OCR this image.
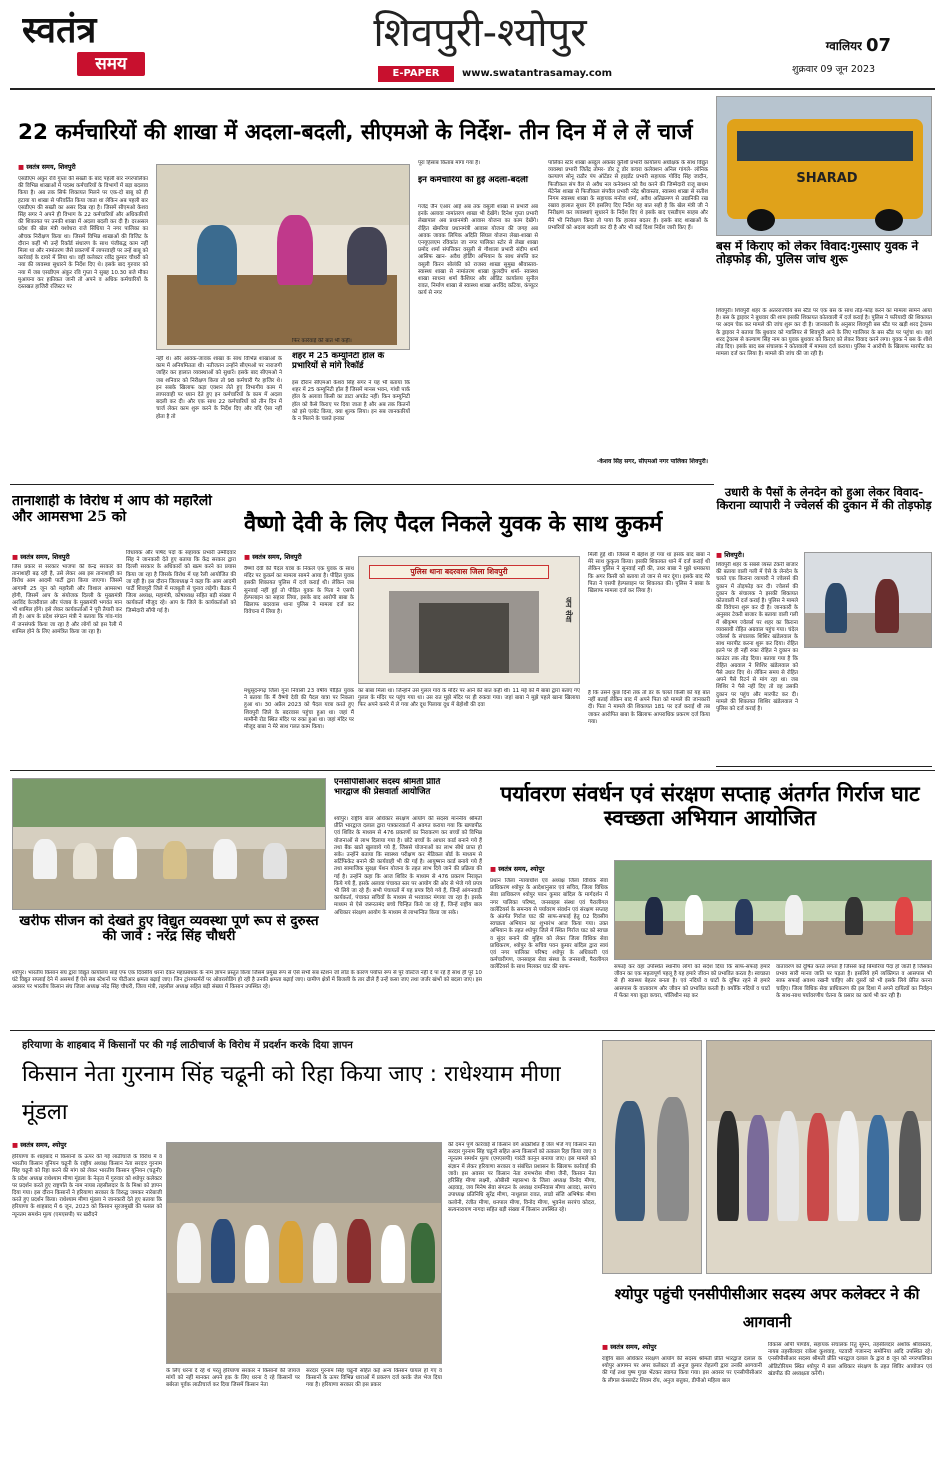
स्वतंत्र
समय
शिवपुरी-श्योपुर
E-PAPER	www.swatantrasamay.com
ग्वालियर 07
शुक्रवार 09 जून 2023
22 कर्मचारियों की शाखा में अदला-बदली, सीएमओ के निर्देश- तीन दिन में ले लें चार्ज
■ स्वतंत्र समय, शिवपुरी
एसडीएम अंकुर रवि गुप्ता की सख्ती के बाद पहली बार नगरपालिका की विभिन्न शाखाओं में पदस्थ कर्मचारियों के विभागों में बड़ा बदलाव किया है। अब तक सिर्फ शिकायत मिलने पर एक-दो बाबू को ही हटाया या शाखा से परिवर्तित किया जाता था लेकिन अब पहली बार एसडीएम की सख्ती का असर दिख रहा है। जिसमें सीएमओ केशव सिंह सगर ने अपने ही विभाग के 22 कर्मचारियों और अधिकारियों की शिकायत पर उनकी शाखा में अदला बदली कर दी है। दरअसल प्रदेश की खेल मंत्री यशोधरा राजे सिंधिया ने नगर पालिका का औचक निरीक्षण किया था। जिसमें विभिन्न शाखाओं की विजिट के दौरान कहीं भी उन्हें रिकॉर्ड संधारण के साथ पंजीबद्ध काम नहीं मिला था और नामांतरण जैसे प्रकरणों में लापरवाही पर उन्हें बाबू को कार्रवाई के दायरे में लिया था। वहीं कलेक्टर रवींद्र कुमार चौधरी को नया की व्यवस्था सुधारने के निर्देश दिए थे। इसके बाद गुरुवार को नया में जब एसडीएम अंकुर रवि गुप्ता ने सुबह 10.30 बजे मौका मुआयना कर हकीकत जानी तो अपने व अधिक कर्मचारियों के दस्तखत हाजिरी रजिस्टर पर
नहीं थे। और आवक-जावक शाखा के साथ विभिन्न शाखाओं के काम में अनियमितता थी। नतीजतन उन्होंने सीएमओ पर नाराजगी जाहिर कर हालात व्यवस्थाओं को सुधारें। इसके बाद सीएमओ ने जब शनिवार को निरीक्षण किया तो 98 कर्मचारी गैर हाजिर थे। इन सबके खिलाफ कड़ा एक्शन लेते हुए विभागीय काम में लापरवाही पर ध्यान देते हुए इन कर्मचारियों के काम में अदला बदली कर दी। और एक साथ 22 कर्मचारियों को तीन दिन में चार्ज लेकर काम शुरू करने के निर्देश दिए और यदि ऐसा नहीं होता है तो
फिर कार्रवाई की बात भी कही।
शहर में 25 कम्युनिटी हॉल के प्रभारियों से मांगे रिकॉर्ड
इस दौरान सीएमओ केशव सिंह सगर ने यह भी बताया कि शहर में 25 कम्युनिटी हॉल हैं जिसमें मानस भवन, गांधी पार्क हॉल के अलावा किसी का डाटा अपडेट नहीं। किन कम्युनिटी हॉल को कैसे किराए पर दिया जाता है और अब तक कितनों को इसे एलॉट किया, क्या शुल्क लिया। इन सब जानकारियों के न मिलने के चलते इनका
पूरा हिसाब किताब मांगा गया है।
इन कर्मचारियों की हुई अदला-बदली
गजेंद्र जैन एआर आई अब तक वसूली शाखा से प्रभारी अब इनके अलावा नामांतरण शाखा भी देखेंगे। दिनेश गुप्ता प्रभारी लेखापाल अब प्रधानमंत्री आवास योजना का काम देखेंगे। रोहित खेमरिया प्रधानमंत्री आवास योजना की जगह अब आवक जावक लिपिक अदिति सिंघल योजना लेखा-शाखा से एनयूएलएम रविकांत जा नगर पालिका स्टोर से लेखा शाखा प्रमोद शर्मा संपत्तिकर वसूली से गौशाला प्रभारी संदीप शर्मा आसिफ खान- अवैध होर्डिंग अभियान के साथ संपत्ति कर वसूली किरन सोलंकी को राजस्व शाखा सुमुख श्रीवास्तव- स्वास्थ्य शाखा से नामांतरण शाखा कुलदीप शर्मा- स्वास्थ्य शाखा साधना शर्मा कैशियर और ऑडिट कार्यालय सुनील रावत, निर्माण शाखा से स्वास्थ्य शाखा अरविंद कटिया, कंप्यूटर कार्य से नगर
पालिका स्टोर शाखा अब्दुल अकबर कुरैशी प्रभारी कार्यालय अधीक्षक के साथ विद्युत व्यवस्था प्रभारी जितेंद्र तोमर- डोर टू डोर कचरा कलेक्शन अनिल गांगले- लोनिक कल्याण सोनू राठौर पंप ऑटेंडर से हाइडेंट प्रभारी सहायक गोविंद सिंह जादौन, फिजीकल संप वैल से अवैध नल कनेक्शन को वैध करने की जिम्मेदारी राजू बाथम मेंटेनेंस शाखा से फिजीकल संपवैल प्रभारी नरेंद्र श्रीवास्तव, स्वास्थ्य शाखा से सतीश निगम स्वास्थ्य शाखा के सहायक मनोज शर्मा, अवैध अतिक्रमण से उद्यानिकी रख रखाव हालात सुधार देंगे इसलिए दिए निर्देश यह बात सही है कि खेल मंत्री जी ने निरीक्षण कर व्यवस्थाएं सुधारने के निर्देश दिए थे इसके बाद एसडीएम साहब और मैंने भी निरीक्षण किया तो पाया कि हालात बदतर हैं। इसके बाद शाखाओं के प्रभारियों को अदला बदली कर दी है और भी कई दिशा निर्देश जारी किए हैं।
-केशव सिंह सगर, सीएमओ नगर पालिका शिवपुरी।
SHARAD
बस में किराए को लेकर विवाद:गुस्साए युवक ने तोड़फोड़ की, पुलिस जांच शुरू
शिवपुरी। शिवपुरी शहर के अंतरराज्यीय बस स्टैंड पर एक बस के साथ तोड़-फोड़ करने का मामला सामने आया है। बस के ड्राइवर ने बुधवार की शाम इसकी शिकायत कोतवाली में दर्ज कराई है। पुलिस ने फरियादी की शिकायत पर अदम चेक कर मामले की जांच शुरू कर दी है। जानकारी के अनुसार शिवपुरी बस स्टैंड पर खड़ी शरद ट्रेवल्स के ड्राइवर ने बताया कि बुधवार को ग्वालियर से शिवपुरी आने के लिए ग्वालियर के बस स्टैंड पर पहुंचा था। वहां शरद ट्रेवल्स से कल्याण सिंह नाम का युवक बुधवार को किराए को लेकर विवाद करने लगा। युवक ने बस के शीशे तोड़ दिए। इसके बाद बस संचालक ने कोतवाली में मामला दर्ज कराया। पुलिस ने आरोपी के खिलाफ मारपीट का मामला दर्ज कर लिया है। मामले की जांच की जा रही है।
उधारी के पैसों के लेनदेन को हुआ लेकर विवाद-किराना व्यापारी ने ज्वेलर्स की दुकान में की तोड़फोड़
■ शिवपुरी।
शिवपुरी शहर के सबसे व्यस्त टेकरी बाजार की बताया वाली गली में ऐसे के लेनदेन के चलते एक किराना व्यापारी ने ज्वेलर्स की दुकान में तोड़फोड़ कर दी। ज्वेलर्स की दुकान के संचालक ने इसकी शिकायत कोतवाली में दर्ज कराई है। पुलिस ने मामले की विवेचना शुरू कर दी है। जानकारी के अनुसार टेकरी बाजार के बताया वाली गली में श्रीकृष्ण ज्वेलर्स पर शहर का किराना व्यवसायी रोहित अग्रवाल पहुंच गया। चंदेल ज्वेलर्स के संचालक शिशिर खंडेलवाल के साथ मारपीट करना शुरू कर दिया। रोहित इतने पर ही नहीं रुका रोहित ने दुकान का काउंटर तक तोड़ दिया। बताया गया है कि रोहित अग्रवाल ने शिशिर खंडेलवाल को पैसे उधार दिए थे। लेकिन समय से रोहित अपने पैसे रिटर्न से मांग रहा था। जब शिशिर ने पैसे नहीं दिए तो वह उसकी दुकान पर पहुंच और मारपीट कर दी। मामले की शिकायत शिशिर खंडेलवाल ने पुलिस को दर्ज कराई है।
तानाशाही के विरोध में आप की महारैली और आमसभा 25 को
■ स्वतंत्र समय, शिवपुरी
जिस प्रकार से सरकार भाजपा की केन्द्र सरकार की तानाशाही बढ़ रही है, उसे लेकर अब इस तानाशाही का विरोध आम आदमी पार्टी द्वारा किया जाएगा। जिसमें आगामी 25 जून को महारैली और विशाल आमसभा होगी, जिसमें आप के संयोजक दिल्ली के मुख्यमंत्री अरविंद केजरीवाल और पंजाब के मुख्यमंत्री भगवंत मान भी शामिल होंगे। इसे लेकर कार्यकर्ताओं ने पूरी तैयारी कर ली है। आप के प्रदेश संगठन मंत्री ने बताया कि गांव-गांव में जनसंपर्क किया जा रहा है और लोगों को इस रैली में शामिल होने के लिए आमंत्रित किया जा रहा है।
विधायक और पार्षद पदों के सहायक प्रभारी उम्मीदवार सिंह ने जानकारी देते हुए बताया कि केंद्र सरकार द्वारा दिल्ली सरकार के अधिकारों को खत्म करने का प्रयास किया जा रहा है जिसके विरोध में यह रैली आयोजित की जा रही है। इस दौरान जिलाध्यक्ष ने कहा कि आम आदमी पार्टी शिवपुरी जिले में मजबूती से चुनाव लड़ेगी। बैठक में जिला अध्यक्ष, महामंत्री, कोषाध्यक्ष सहित बड़ी संख्या में कार्यकर्ता मौजूद रहे। आप के जिले के कार्यकर्ताओं को जिम्मेदारी सौंपी गई है।
वैष्णो देवी के लिए पैदल निकले युवक के साथ कुकर्म
■ स्वतंत्र समय, शिवपुरी
वैष्णो देवी की पैदल यात्रा के निकले एक युवक के साथ मंदिर पर कुकर्म का मामला सामने आया है। पीड़ित युवक इसकी शिकायत पुलिस में दर्ज कराई थी। लेकिन जब सुनवाई नहीं हुई तो पीड़ित युवक के पिता ने एसपी हेल्पलाइन का सहारा लिया, इसके बाद आरोपी बाबा के खिलाफ बदरवास थाना पुलिस ने मामला दर्ज कर विवेचना में लिया है।
पुलिस थाना बदरवास जिला शिवपुरी
जन सेवा
मधुसूदनगढ़ जिला गुना निवासी 23 वर्षीय पीड़ित युवक ने बताया कि मैं वैष्णो देवी की पैदल यात्रा पर निकला हुआ था। 30 अप्रैल 2023 को पैदल यात्रा करते हुए शिवपुरी जिले के बदरवास पहुंचा हुआ था। जहां मैं मामौनी रोड स्थित मंदिर पर रुका हुआ था। जहां मंदिर पर मौजूद बाबा ने मेरे साथ गलत काम किया।
का बाबा मिला था। जिन्होंने उसे गुलल गांव के मंदिर पर आने की बात कही थी। 11 मई को मैं बाबा द्वारा बताए गए गुलल के मंदिर पर पहुंच गया था। उस रात मुझे मंदिर पर ही रुकवा गया। जहां बाबा ने मुझे पहले खाना खिलाया फिर अपने कमरे में ले गया और दूध पिलाया दूध में बेहोशी की दवा
मिली हुई थी। जिससे मैं बेहोश हो गया था इसके बाद बाबा ने मेरे साथ कुकृत्य किया। इसकी शिकायत थाने में दर्ज कराई थी लेकिन पुलिस ने सुनवाई नहीं की, उधर बाबा ने मुझे धमकाया कि अगर किसी को बताया तो जान से मार दूंगा। इसके बाद मेरे पिता ने एसपी हेल्पलाइन पर शिकायत की। पुलिस ने बाबा के खिलाफ मामला दर्ज कर लिया है।
है कि उसने कुछ दिनों तक तो डर के चलते किसी को यह बात नहीं बताई लेकिन बाद में अपने पिता को मामले की जानकारी दी। पिता ने मामले की शिकायत 181 पर दर्ज कराई थी तब जाकर आरोपित बाबा के खिलाफ आपराधिक प्रकरण दर्ज किया गया।
खरीफ सीजन को देखते हुए विद्युत व्यवस्था पूर्ण रूप से दुरुस्त की जावे : नरेंद्र सिंह चौधरी
श्योपुर। भारतीय किसान संघ द्वारा विद्युत कार्यालय साई एफ एक दिवसीय धरना देकर महाप्रबंधक के नाम ज्ञापन प्रस्तुत किया जिसमें प्रमुख रूप से ऐसे सभी सब स्टेशन जो लोड के कारण पर्याप्त रूप से पूरे वोल्टेज नहीं दे पा रहे हैं साथ ही पूरे 10 घंटे विद्युत सप्लाई देने में असमर्थ हैं ऐसे सब स्टेशनों पर पीटीआर क्षमता बढ़ाई जाए। जिन ट्रांसफार्मरों पर ओवरलोडिंग हो रही है उनकी क्षमता बढ़ाई जाए। ग्रामीण क्षेत्रों में बिजली के तार ढीले हैं उन्हें कसा जाए तथा जर्जर खंभों को बदला जाए। इस अवसर पर भारतीय किसान संघ जिला अध्यक्ष नरेंद्र सिंह चौधरी, जिला मंत्री, तहसील अध्यक्ष सहित बड़ी संख्या में किसान उपस्थित रहे।
एनसीपीसीआर सदस्य श्रीमती प्रीति भारद्वाज की प्रेसवार्ता आयोजित
श्योपुर। राष्ट्रीय बाल अधिकार संरक्षण आयोग की सदस्य माननीय श्रीमती प्रीति भारद्वाज दलाल द्वारा पत्रकारवार्ता में अवगत कराया गया कि खण्डपीठ एवं शिविर के माध्यम से 476 प्रकरणों का निराकरण कर बच्चों को विभिन्न योजनाओं से लाभ दिलाया गया है। छोटे बच्चों के आधार कार्ड बनाने गये हैं तथा बैंक खाते खुलवाये गये हैं, जिससे योजनाओं का लाभ सीधे प्राप्त हो सके। उन्होंने बताया कि स्वास्थ्य परीक्षण कर मेडिकल बोर्ड के माध्यम से सर्टिफिकेट बनाने की कार्यवाही भी की गई है। आयुष्मान कार्ड बनाये गये हैं तथा सामाजिक सुरक्षा पेंशन योजना के तहत लाभ दिये जाने की प्रक्रिया की गई है। उन्होंने कहा कि आज शिविर के माध्यम से 476 प्रकरण निराकृत किये गये हैं, इसके अलावा पंचायत स्तर पर आयोग की ओर से भेजे गये प्रपत्र भी लिये जा रहे हैं। सभी पंचायतों में यह प्रपत्र दिये गये हैं, जिन्हें आंगनवाड़ी कार्यकर्ता, पंचायत सचिवों के माध्यम से भरवाकर मंगाया जा रहा है। इसके माध्यम से ऐसे जरूरतमंद बच्चे चिन्हित किये जा रहे हैं, जिन्हें राष्ट्रीय बाल अधिकार संरक्षण आयोग के माध्यम से लाभान्वित किया जा सके।
पर्यावरण संवर्धन एवं संरक्षण सप्ताह अंतर्गत गिर्राज घाट स्वच्छता अभियान आयोजित
■ स्वतंत्र समय, श्योपुर
प्रधान जिला न्यायाधीश एवं अध्यक्ष जिला विधिक सेवा प्राधिकरण श्योपुर के आदेशानुसार एवं सचिव, जिला विधिक सेवा प्राधिकरण श्योपुर पवन कुमार बांदिल के मार्गदर्शन में नगर पालिका परिषद, जनसाहस संस्था एवं पैरालीगल वालेंटियर्स के समन्वय से पर्यावरण संवर्धन एवं संरक्षण सप्ताह के अंतर्गत गिर्राज घाट की साफ-सफाई हेतु 02 दिवसीय स्वच्छता अभियान का शुभारंभ आज किया गया। उक्त अभियान के तहत श्योपुर जिले में स्थित गिर्राज घाट को स्वच्छ व सुंदर बनाने की मुहिम को लेकर जिला विधिक सेवा प्राधिकरण, श्योपुर के सचिव पवन कुमार बांदिल द्वारा स्वयं एवं नगर पालिका परिषद श्योपुर के अधिकारी एवं कर्मचारीगण, जनसाहस सेवा संस्था के जनसाथी, पैरालीगल वालेंटियर्स के साथ मिलकर घाट की साफ-	सफाई कर वहां उपस्थित स्थानीय लोगों को संदेश दिया कि साफ-सफाई हमारे जीवन का एक महत्वपूर्ण पहलू है यह हमारे जीवन को प्रभावित करता है। स्वच्छता से ही स्वास्थ्य बेहतर बनता है। एवं नदियों व घाटों के दूषित रहने से हमारे आसपास के वातावरण और जीवन को प्रभावित करती है। क्योंकि नदियों व घाटों में फेंका गया कूड़ा कचरा, पॉलिथीन सड़ कर
वातावरण को दूषित करते लगता है जिससे कई बिमारियां पैदा हो जाती है जिसका प्रभाव सारी मानव जाति पर पड़ता है। इसलिये हमें व्यक्तिगत व आसपास भी साफ़ सफाई अवश्य रखनी चाहिए और दूसरों को भी इसके लिये प्रेरित करना चाहिए। जिला विधिक सेवा प्राधिकरण की इस दिशा में अपने दायित्वों का निर्वहन के साथ-साथ पर्यावरणीय चेतना के प्रसार का कार्य भी कर रही है।
हरियाणा के शाहबाद में किसानों पर की गई लाठीचार्ज के विरोध में प्रदर्शन करके दिया ज्ञापन
किसान नेता गुरनाम सिंह चढूनी को रिहा किया जाए : राधेश्याम मीणा मूंडला
■ स्वतंत्र समय, श्योपुर
हरियाणा के शाहबाद में किसानों के ऊपर की गई लाठीचार्ज के विरोध में व भारतीय किसान यूनियन चढूनी के राष्ट्रीय अध्यक्ष किसान नेता सरदार गुरनाम सिंह चढूनी को रिहा करने की मांग को लेकर भारतीय किसान यूनियन (चढूनी) के प्रदेश अध्यक्ष राधेश्याम मीणा मूंडला के नेतृत्व में गुरुवार को श्योपुर कलेक्टर पर प्रदर्शन करते हुए राष्ट्रपति के नाम नायब तहसीलदार के के मिश्रा को ज्ञापन दिया गया। इस दौरान किसानों ने हरियाणा सरकार के विरुद्ध जमकर नारेबाजी करते हुए प्रदर्शन किया। राधेश्याम मीणा मूंडला ने जानकारी देते हुए बताया कि हरियाणा के शाहबाद में 6 जून, 2023 को किसान सूरजमुखी की फसल को न्यूनतम समर्थन मूल्य (एमएसपी) पर खरीदने
के लिए धरना दे रहे थे परंतु हरियाणा सरकार ने किसानों की जायज मांगों को नहीं मानकर अपने हक के लिए धरना दे रहे किसानों पर बर्बरता पूर्वक लाठीचार्ज कर दिया जिसमें किसान नेता
सरदार गुरनाम सिंह चढूनी सहित कई अन्य किसान घायल हो गए व किसानों के ऊपर विभिन्न धाराओं में प्रकरण दर्ज करके जेल भेज दिया गया है। हरियाणा सरकार की इस प्रकार
की दमन पूर्ण कार्रवाई से किसान वर्ग आक्रोशित है जेल भेजे गए किसान नेता सरदार गुरनाम सिंह चढूनी सहित अन्य किसानों को तत्काल रिहा किया जाए व न्यूनतम समर्थन मूल्य (एमएसपी) गारंटी कानून बनाया जाए। इस मामले को संज्ञान में लेकर हरियाणा सरकार व संबंधित प्रशासन के खिलाफ कार्रवाई की जावे। इस अवसर पर किसान नेता रामभरोस मीणा जैनी, किसान नेता हरिसिंह मीणा लक्ष्मी, ओबीसी महासभा के जिला अध्यक्ष विनोद मीणा, अड़वाड़, जय मिनेष सेवा संगठन के अध्यक्ष रामनिवास मीणा आवदा, सरपंच उपाध्यक्ष प्रतिनिधि सुरेंद्र मीणा, नाथूलाल रावत, लाडो संजि अभिषेक मीणा कलोनी, रंजीत मीणा, धनपाल मीणा, विनोद मीणा, भुवनेश सरपंच कोदरा, सत्यनारायण नागदा सहित बड़ी संख्या में किसान उपस्थित रहे।
श्योपुर पहुंची एनसीपीसीआर सदस्य अपर कलेक्टर ने की आगवानी
■ स्वतंत्र समय, श्योपुर
राष्ट्रीय बाल अधिकार संरक्षण आयोग की सदस्य श्रीमती प्रीति भारद्वाज दलाल के श्योपुर आगमन पर अपर कलेक्टर डॉ अनुज कुमार रोहतगी द्वारा उनकी आगवानी की गई तथा पुष्प गुच्छ भेंटकर स्वागत किया गया। इस अवसर पर एनसीपीसीआर के लीगल कंसलटेंट शिवम रॉय, अनुज बत्तुका, डीपीओ महिला बाल
विकास ओपी पाण्डेय, सहायक संचालक रितु सुमन, तहसीलदार अशोक श्रीवास्तव, नायब तहसीलदार राकेश कुशवाह, पटवारी गजानन्द समोनिया आदि उपस्थित रहे। एनसीपीसीआर सदस्य श्रीमती प्रीति भारद्वाज दलाल के द्वारा 8 जून को नगरपालिका ऑडिटोरियम स्थित श्योपुर में बाल अधिकार संरक्षण के तहत शिविर आयोजन एवं खंडपीठ की अध्यक्षता करेंगी।
